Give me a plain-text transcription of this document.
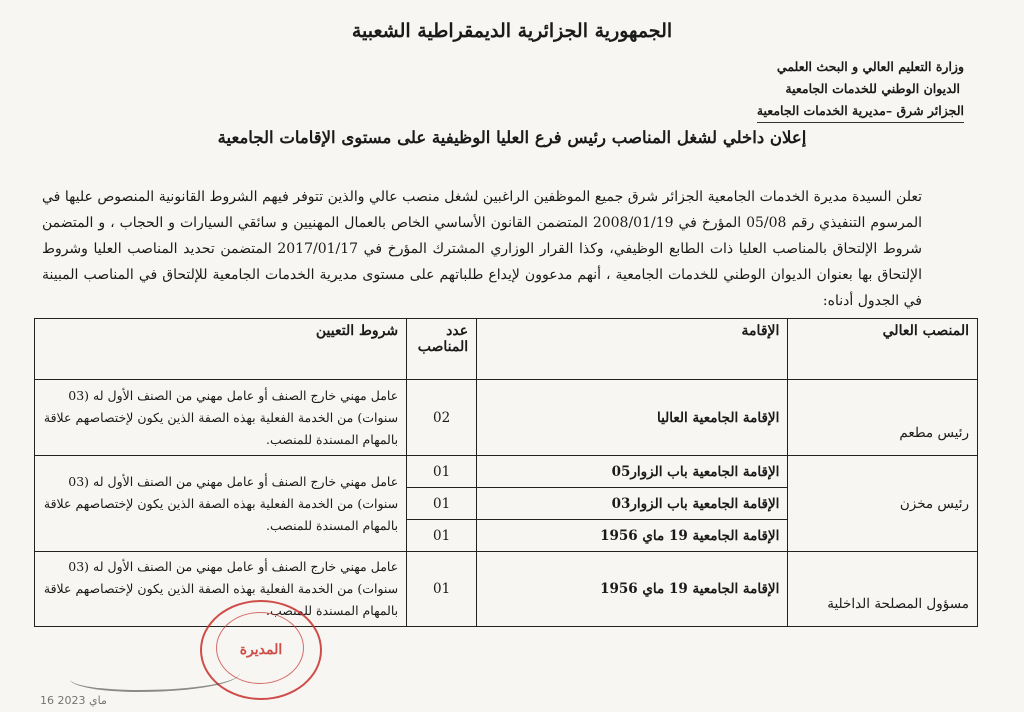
الجمهورية الجزائرية الديمقراطية الشعبية
وزارة التعليم العالي و البحث العلمي
الديوان الوطني للخدمات الجامعية
الجزائر شرق –مديرية الخدمات الجامعية
إعلان داخلي لشغل المناصب رئيس فرع العليا الوظيفية على مستوى الإقامات الجامعية

تعلن السيدة مديرة الخدمات الجامعية الجزائر شرق جميع الموظفين الراغبين لشغل منصب عالي والذين تتوفر فيهم الشروط القانونية المنصوص عليها في المرسوم التنفيذي رقم 05/08 المؤرخ في 2008/01/19 المتضمن القانون الأساسي الخاص بالعمال المهنيين و سائقي السيارات و الحجاب ، و المتضمن شروط الإلتحاق بالمناصب العليا ذات الطابع الوظيفي، وكذا القرار الوزاري المشترك المؤرخ في 2017/01/17 المتضمن تحديد المناصب العليا وشروط الإلتحاق بها بعنوان الديوان الوطني للخدمات الجامعية ، أنهم مدعوون لإيداع طلباتهم على مستوى مديرية الخدمات الجامعية للإلتحاق في المناصب المبينة في الجدول أدناه:

المنصب العالي	الإقامة	عدد المناصب	شروط التعيين
رئيس مطعم	الإقامة الجامعية العاليا	02	عامل مهني خارج الصنف أو عامل مهني من الصنف الأول له (03 سنوات) من الخدمة الفعلية بهذه الصفة الذين يكون لإختصاصهم علاقة بالمهام المسندة للمنصب.
رئيس مخزن	الإقامة الجامعية باب الزوار05	01	عامل مهني خارج الصنف أو عامل مهني من الصنف الأول له (03 سنوات) من الخدمة الفعلية بهذه الصفة الذين يكون لإختصاصهم علاقة بالمهام المسندة للمنصب.
	الإقامة الجامعية باب الزوار03	01	
	الإقامة الجامعية 19 ماي 1956	01	
مسؤول المصلحة الداخلية	الإقامة الجامعية 19 ماي 1956	01	عامل مهني خارج الصنف أو عامل مهني من الصنف الأول له (03 سنوات) من الخدمة الفعلية بهذه الصفة الذين يكون لإختصاصهم علاقة بالمهام المسندة للمنصب.
المديرة
16 ماي 2023
